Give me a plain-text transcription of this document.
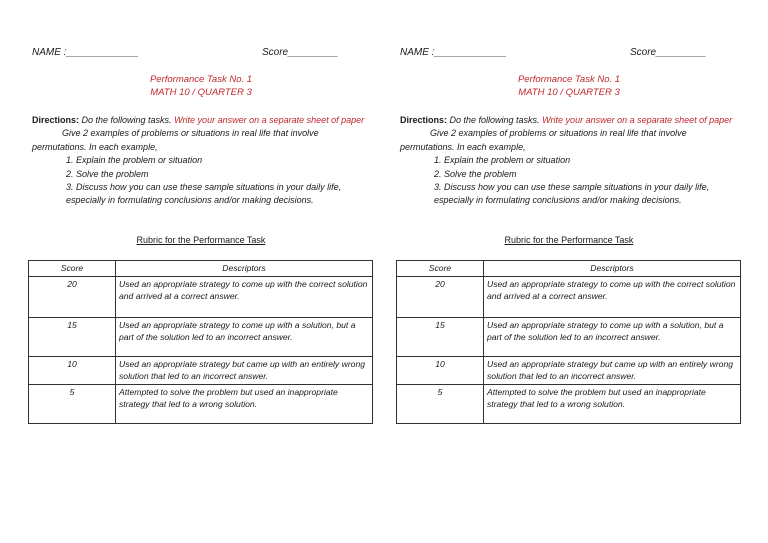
NAME :_____________	Score_________
Performance Task No. 1
MATH 10 / QUARTER 3

Directions: Do the following tasks. Write your answer on a separate sheet of paper

Give 2 examples of problems or situations in real life that involve permutations. In each example,

1. Explain the problem or situation

2. Solve the problem

3. Discuss how you can use these sample situations in your daily life, especially in formulating conclusions and/or making decisions.

Rubric for the Performance Task
Score	Descriptors
20	Used an appropriate strategy to come up with the correct solution and arrived at a correct answer.
15	Used an appropriate strategy to come up with a solution, but a part of the solution led to an incorrect answer.
10	Used an appropriate strategy but came up with an entirely wrong solution that led to an incorrect answer.
5	Attempted to solve the problem but used an inappropriate strategy that led to a wrong solution.
NAME :_____________	Score_________
Performance Task No. 1
MATH 10 / QUARTER 3

Directions: Do the following tasks. Write your answer on a separate sheet of paper

Give 2 examples of problems or situations in real life that involve permutations. In each example,

1. Explain the problem or situation

2. Solve the problem

3. Discuss how you can use these sample situations in your daily life, especially in formulating conclusions and/or making decisions.

Rubric for the Performance Task
Score	Descriptors
20	Used an appropriate strategy to come up with the correct solution and arrived at a correct answer.
15	Used an appropriate strategy to come up with a solution, but a part of the solution led to an incorrect answer.
10	Used an appropriate strategy but came up with an entirely wrong solution that led to an incorrect answer.
5	Attempted to solve the problem but used an inappropriate strategy that led to a wrong solution.
